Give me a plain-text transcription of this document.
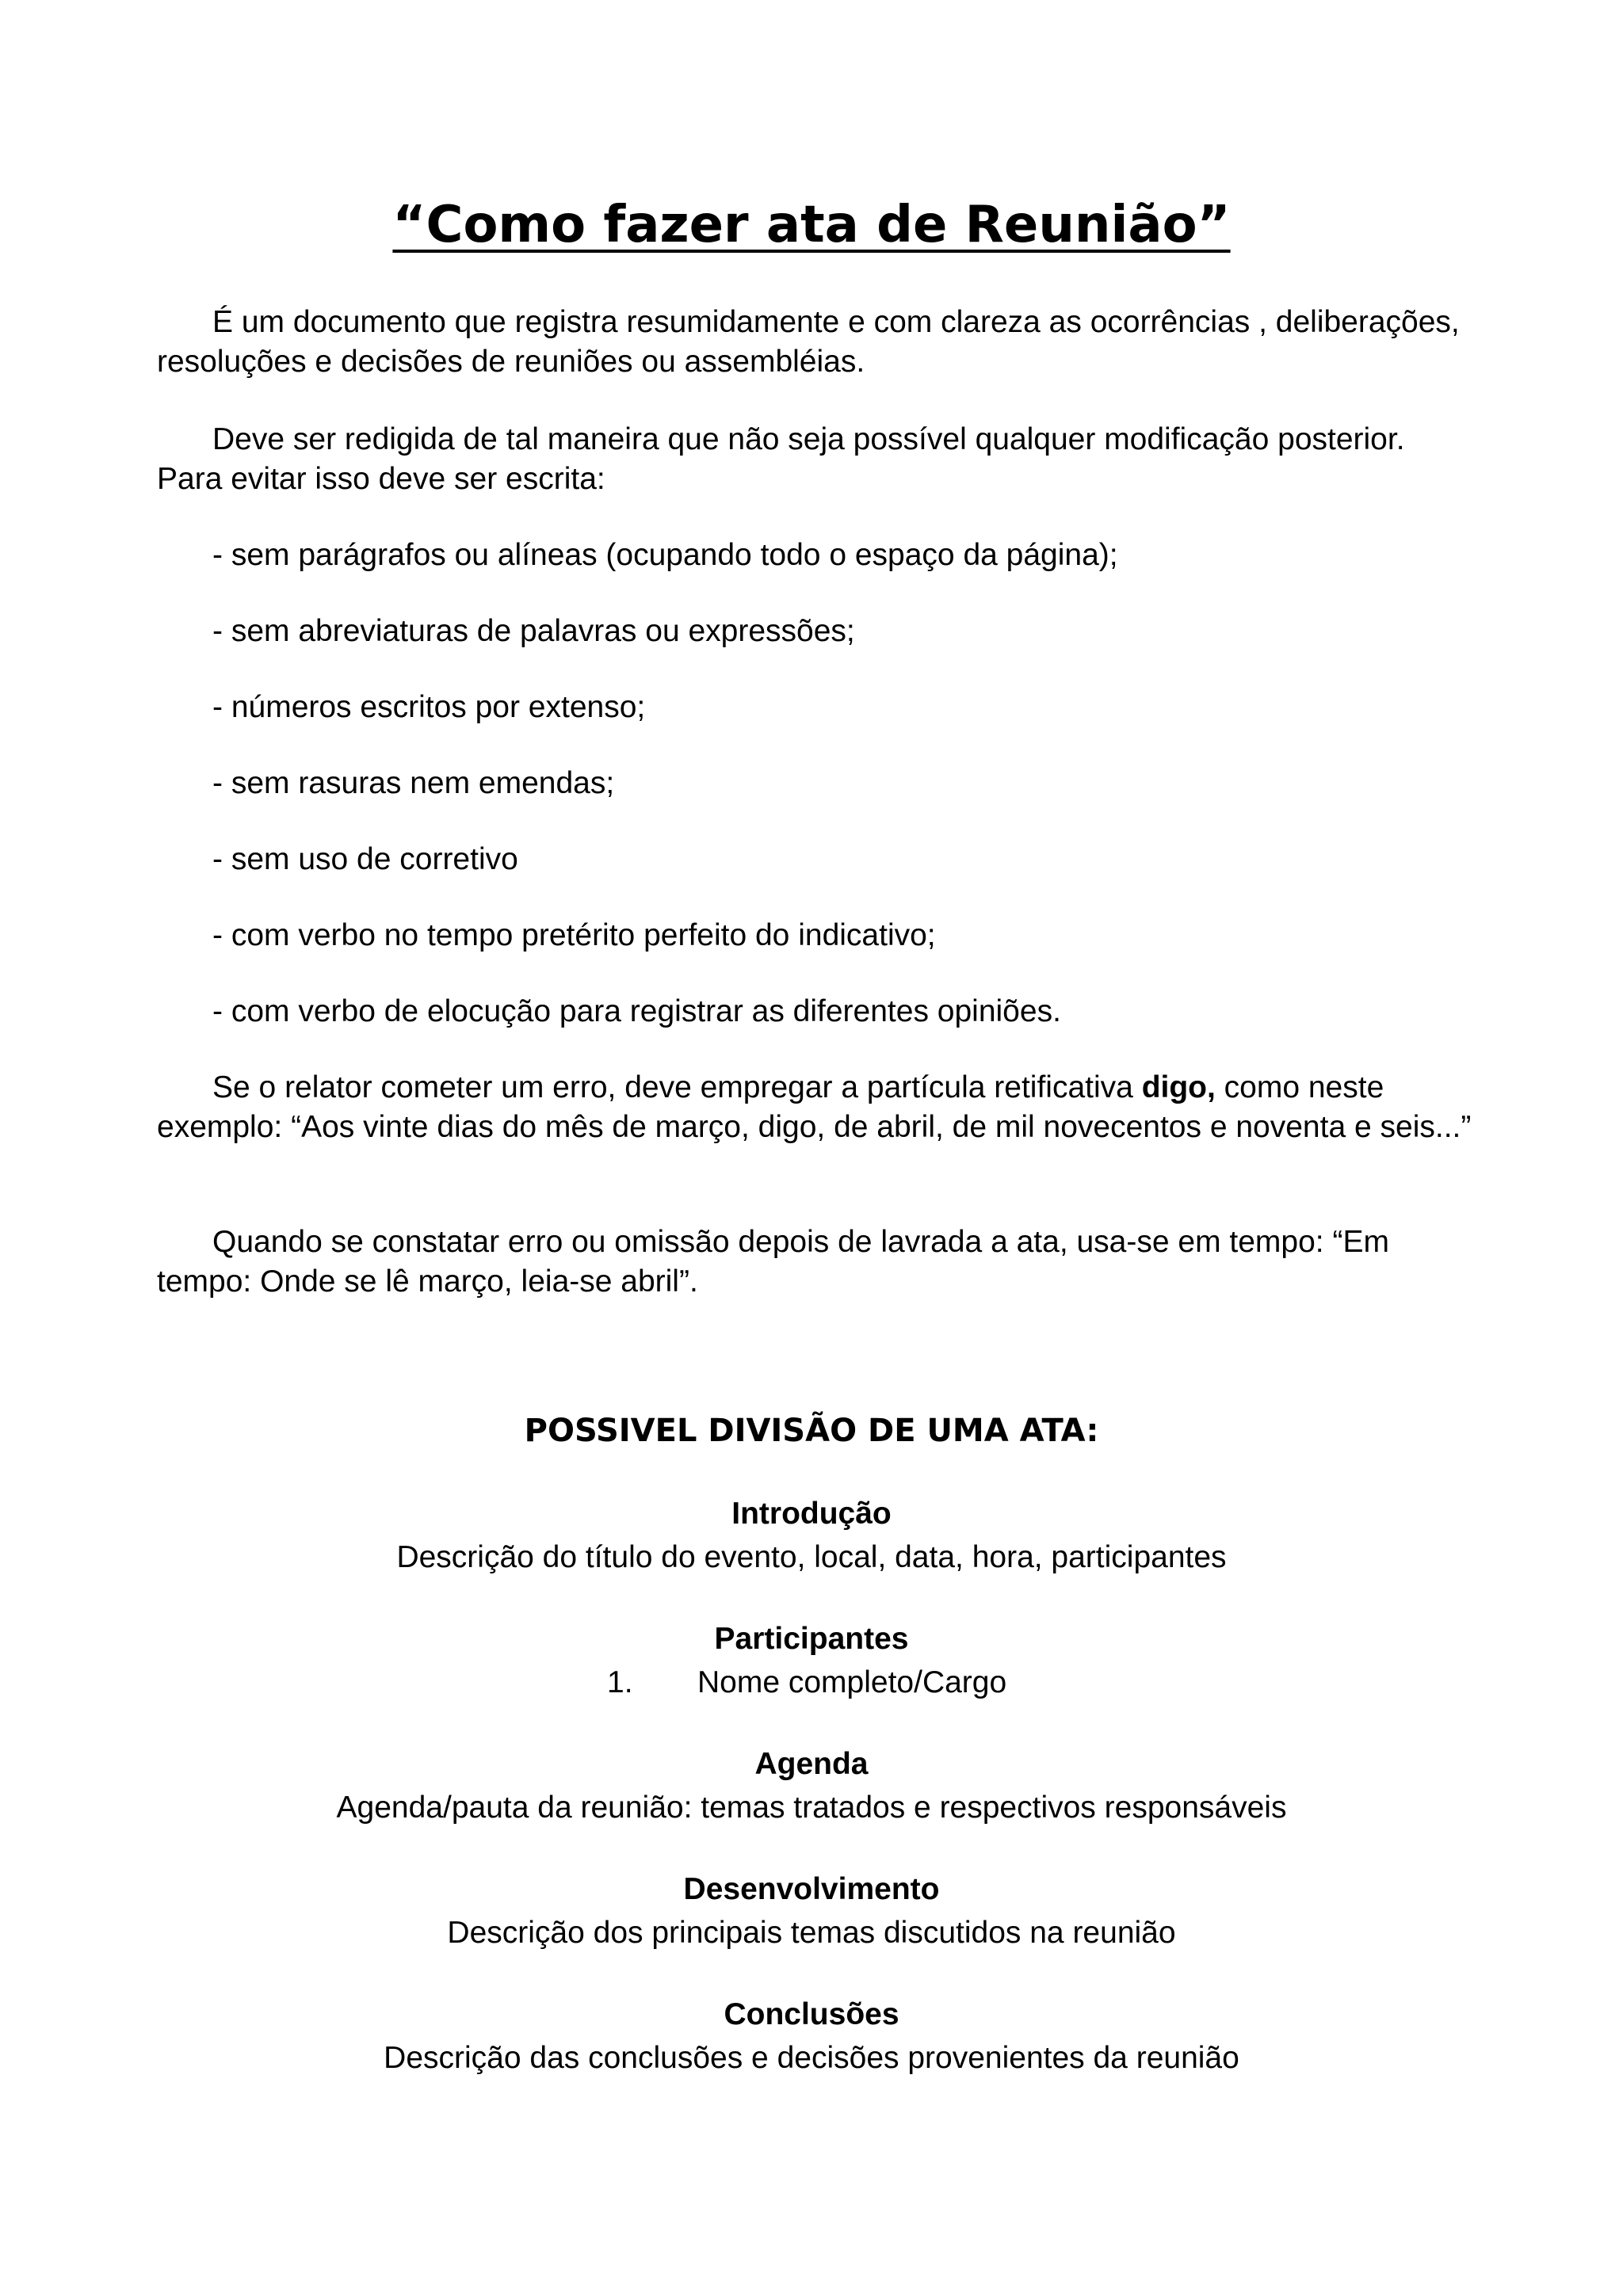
“Como fazer ata de Reunião”

É um documento que registra resumidamente e com clareza as ocorrências , deliberações, resoluções e decisões de reuniões ou assembléias.

Deve ser redigida de tal maneira que não seja possível qualquer modificação posterior. Para evitar isso deve ser escrita:

- sem parágrafos ou alíneas (ocupando todo o espaço da página);
- sem abreviaturas de palavras ou expressões;
- números escritos por extenso;
- sem rasuras nem emendas;
- sem uso de corretivo
- com verbo no tempo pretérito perfeito do indicativo;
- com verbo de elocução para registrar as diferentes opiniões.

Se o relator cometer um erro, deve empregar a partícula retificativa digo, como neste exemplo: “Aos vinte dias do mês de março, digo, de abril, de mil novecentos e noventa e seis...”

Quando se constatar erro ou omissão depois de lavrada a ata, usa-se em tempo: “Em tempo: Onde se lê março, leia-se abril”.

POSSIVEL DIVISÃO DE UMA ATA:
Introdução
Descrição do título do evento, local, data, hora, participantes
Participantes
1. Nome completo/Cargo
Agenda
Agenda/pauta da reunião: temas tratados e respectivos responsáveis
Desenvolvimento
Descrição dos principais temas discutidos na reunião
Conclusões
Descrição das conclusões e decisões provenientes da reunião
